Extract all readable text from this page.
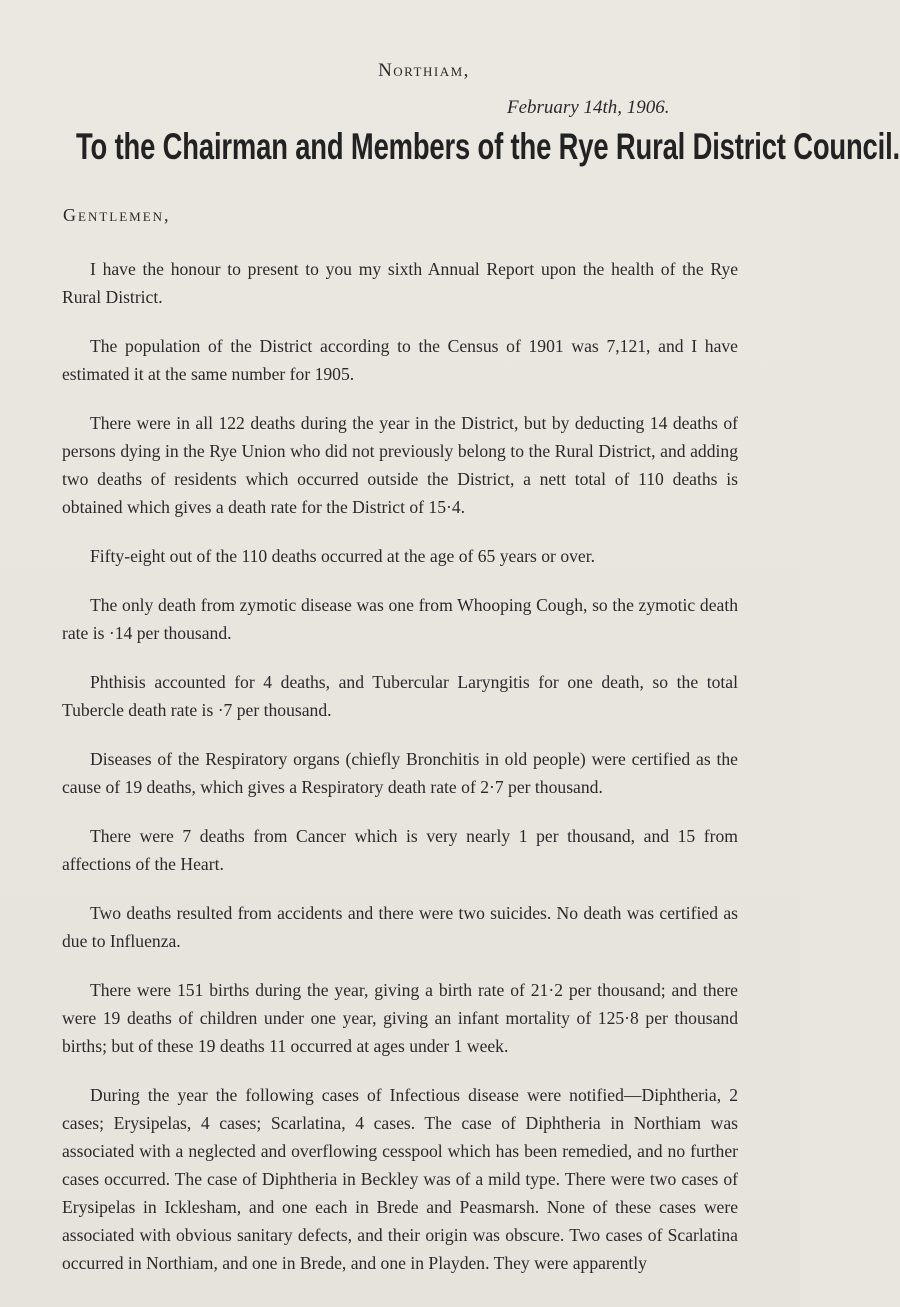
Northiam,
February 14th, 1906.
To the Chairman and Members of the Rye Rural District Council.
Gentlemen,

I have the honour to present to you my sixth Annual Report upon the health of the Rye Rural District.

The population of the District according to the Census of 1901 was 7,121, and I have estimated it at the same number for 1905.

There were in all 122 deaths during the year in the District, but by deducting 14 deaths of persons dying in the Rye Union who did not previously belong to the Rural District, and adding two deaths of residents which occurred outside the District, a nett total of 110 deaths is obtained which gives a death rate for the District of 15·4.

Fifty-eight out of the 110 deaths occurred at the age of 65 years or over.

The only death from zymotic disease was one from Whooping Cough, so the zymotic death rate is ·14 per thousand.

Phthisis accounted for 4 deaths, and Tubercular Laryngitis for one death, so the total Tubercle death rate is ·7 per thousand.

Diseases of the Respiratory organs (chiefly Bronchitis in old people) were certified as the cause of 19 deaths, which gives a Respiratory death rate of 2·7 per thousand.

There were 7 deaths from Cancer which is very nearly 1 per thousand, and 15 from affections of the Heart.

Two deaths resulted from accidents and there were two suicides. No death was certified as due to Influenza.

There were 151 births during the year, giving a birth rate of 21·2 per thousand; and there were 19 deaths of children under one year, giving an infant mortality of 125·8 per thousand births; but of these 19 deaths 11 occurred at ages under 1 week.

During the year the following cases of Infectious disease were notified—Diphtheria, 2 cases; Erysipelas, 4 cases; Scarlatina, 4 cases. The case of Diphtheria in Northiam was associated with a neglected and overflowing cesspool which has been remedied, and no further cases occurred. The case of Diphtheria in Beckley was of a mild type. There were two cases of Erysipelas in Icklesham, and one each in Brede and Peasmarsh. None of these cases were associated with obvious sanitary defects, and their origin was obscure. Two cases of Scarlatina occurred in Northiam, and one in Brede, and one in Playden. They were apparently
